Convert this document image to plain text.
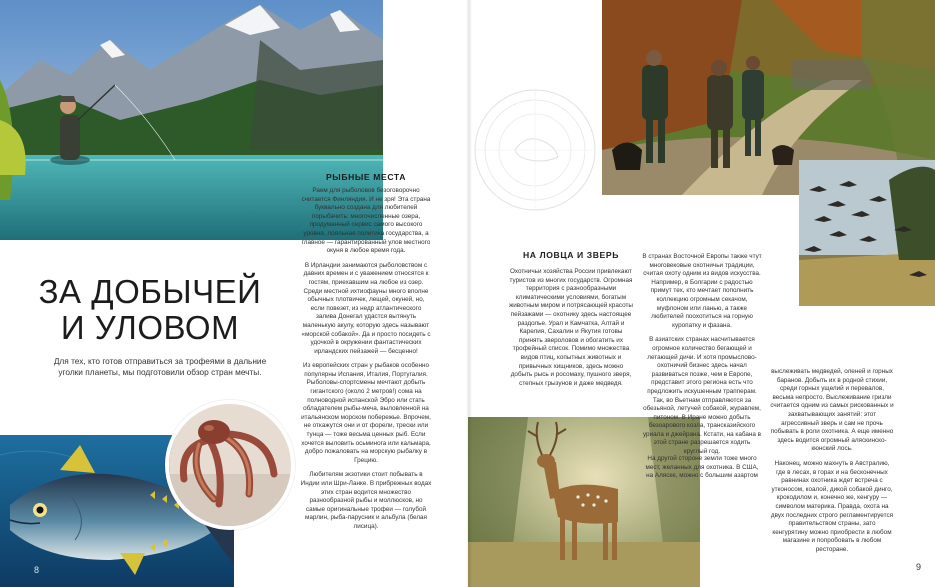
ЗА ДОБЫЧЕЙ
И УЛОВОМ

Для тех, кто готов отправиться за трофеями в дальние уголки планеты, мы подготовили обзор стран мечты.

РЫБНЫЕ МЕСТА

Раем для рыболовов безоговорочно считается Финляндия. И не зря! Эта страна буквально создана для любителей порыбачить: многочисленные озера, продуманный сервис самого высокого уровня, лояльная политика государства, а главное — гарантированный улов местного окуня в любое время года.

В Ирландии занимаются рыболовством с давних времен и с уважением относятся к гостям, приехавшим на любое из озер. Среди местной ихтиофауны много вполне обычных плотвичек, лещей, окуней, но, если повезет, из недр атлантического залива Донегал удастся вытянуть маленькую акулу, которую здесь называют «морской собакой». Да и просто посидеть с удочкой в окружении фантастических ирландских пейзажей — бесценно!

Из европейских стран у рыбаков особенно популярны Испания, Италия, Португалия. Рыболовы-спортсмены мечтают добыть гигантского (около 2 метров!) сома на полноводной испанской Эбро или стать обладателем рыбы-меча, выловленной на итальянском морском побережье. Впрочем, не откажутся они и от форели, трески или тунца — тоже весьма ценных рыб. Если хочется выловить осьминога или кальмара, добро пожаловать на морскую рыбалку в Грецию.

Любителям экзотики стоит побывать в Индии или Шри-Ланке. В прибрежных водах этих стран водится множество разнообразной рыбы и моллюсков, но самые оригинальные трофеи — голубой марлин, рыба-парусник и альбула (белая лисица).

НА ЛОВЦА И ЗВЕРЬ

Охотничьи хозяйства России привлекают туристов из многих государств. Огромная территория с разнообразными климатическими условиями, богатым животным миром и потрясающей красоты пейзажами — охотнику здесь настоящее раздолье. Урал и Камчатка, Алтай и Карелия, Сахалин и Якутия готовы принять звероловов и обогатить их трофейный список. Помимо множества видов птиц, копытных животных и привычных хищников, здесь можно добыть рысь и росомаху, пушного зверя, степных грызунов и даже медведя.

В странах Восточной Европы также чтут многовековые охотничьи традиции, считая охоту одним из видов искусства. Например, в Болгарии с радостью примут тех, кто мечтает пополнить коллекцию огромным секачом, муфлоном или ланью, а также любителей поохотиться на горную куропатку и фазана.

В азиатских странах насчитывается огромное количество бегающей и летающей дичи. И хотя промыслово-охотничий бизнес здесь начал развиваться позже, чем в Европе, представит этого региона есть что предложить искушенным трапперам. Так, во Вьетнам отправляются за обезьяной, летучей собакой, журавлем, питоном. В Иране можно добыть безоарового козла, трансказийского уриала и джейрана. Кстати, на кабана в этой стране разрешается ходить круглый год.

На другой стороне земли тоже много мест, желанных для охотника. В США, на Аляске, можно с большим азартом

выслеживать медведей, оленей и горных баранов. Добыть их в родной стихии, среди горных ущелий и перевалов, весьма непросто. Выслеживание гризли считается одним из самых рискованных и захватывающих занятий: этот агрессивный зверь и сам не прочь побывать в роли охотника. А еще именно здесь водится огромный аляскинско-кюнский лось.

Наконец, можно махнуть в Австралию, где в лесах, в горах и на бесконечных равнинах охотника ждет встреча с утконосом, коалой, дикой собакой динго, крокодилом и, конечно же, кенгуру — символом материка. Правда, охота на двух последних строго регламентируется правительством страны, зато кенгурятину можно приобрести в любом магазине и попробовать в любом ресторане.

8	9
